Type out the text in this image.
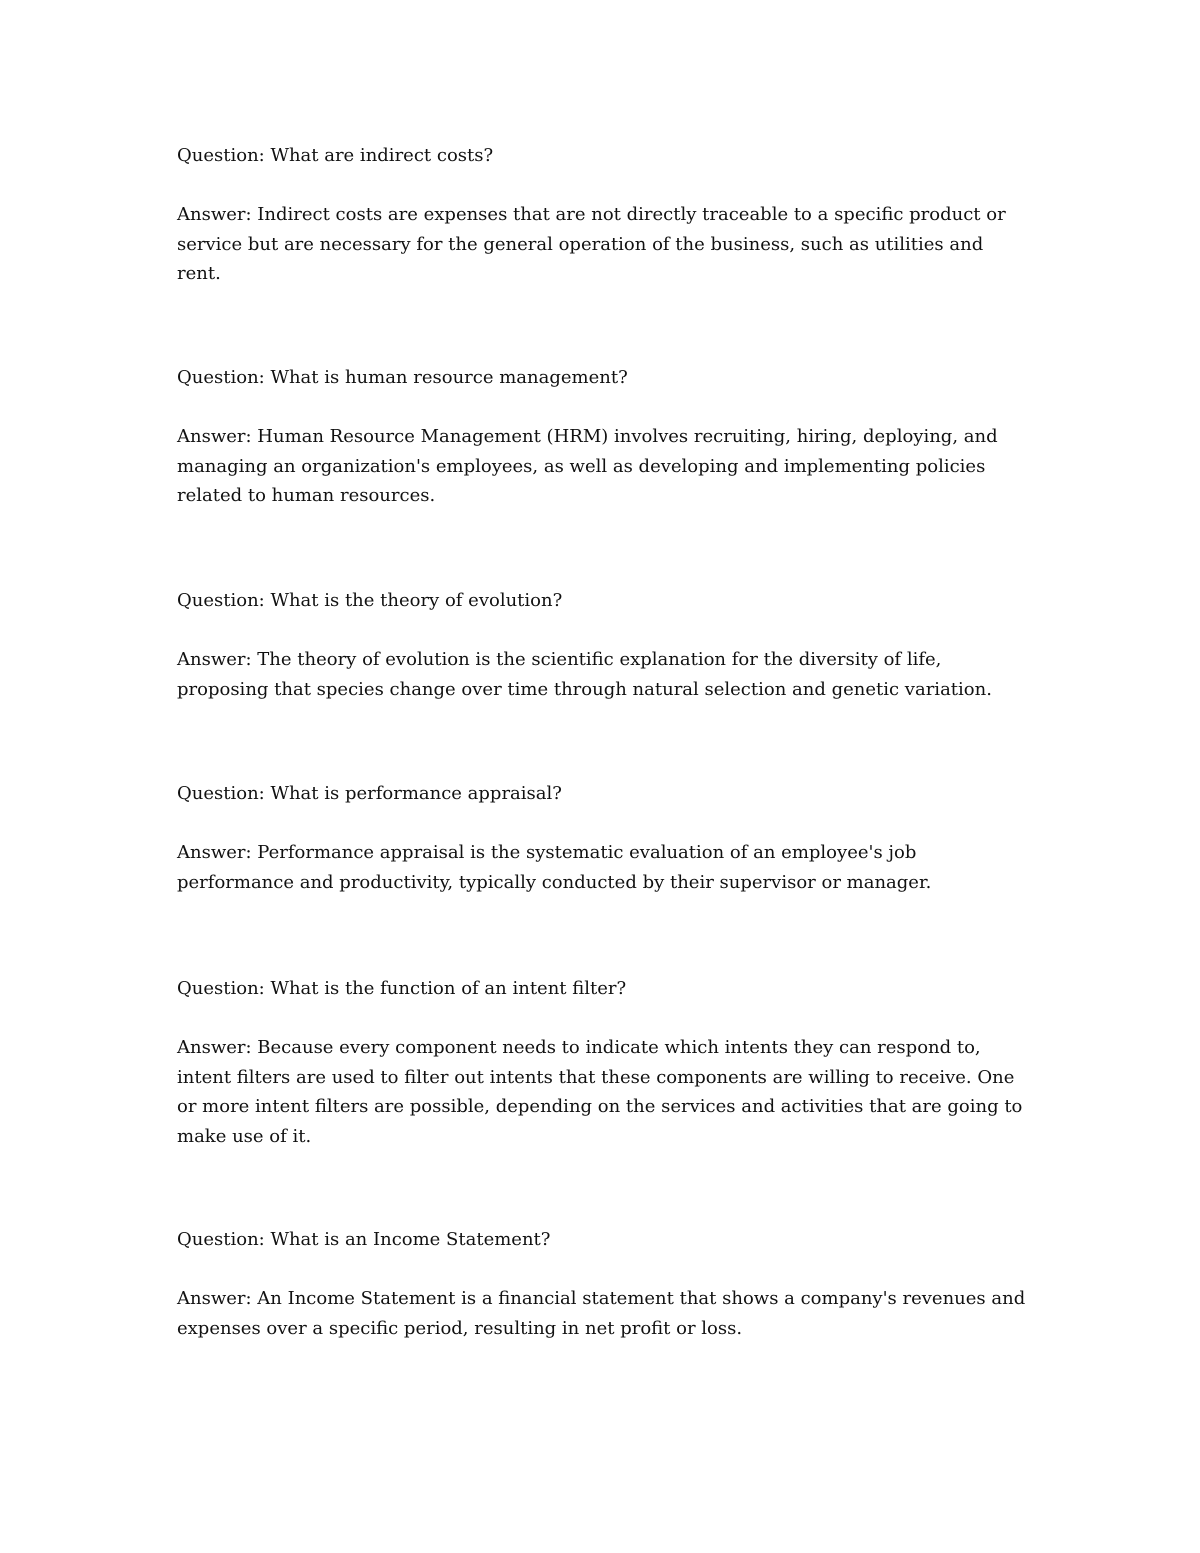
Question: What are indirect costs?

Answer: Indirect costs are expenses that are not directly traceable to a specific product or service but are necessary for the general operation of the business, such as utilities and rent.

Question: What is human resource management?

Answer: Human Resource Management (HRM) involves recruiting, hiring, deploying, and managing an organization's employees, as well as developing and implementing policies related to human resources.

Question: What is the theory of evolution?

Answer: The theory of evolution is the scientific explanation for the diversity of life, proposing that species change over time through natural selection and genetic variation.

Question: What is performance appraisal?

Answer: Performance appraisal is the systematic evaluation of an employee's job performance and productivity, typically conducted by their supervisor or manager.

Question: What is the function of an intent filter?

Answer: Because every component needs to indicate which intents they can respond to, intent filters are used to filter out intents that these components are willing to receive. One or more intent filters are possible, depending on the services and activities that are going to make use of it.

Question: What is an Income Statement?

Answer: An Income Statement is a financial statement that shows a company's revenues and expenses over a specific period, resulting in net profit or loss.
